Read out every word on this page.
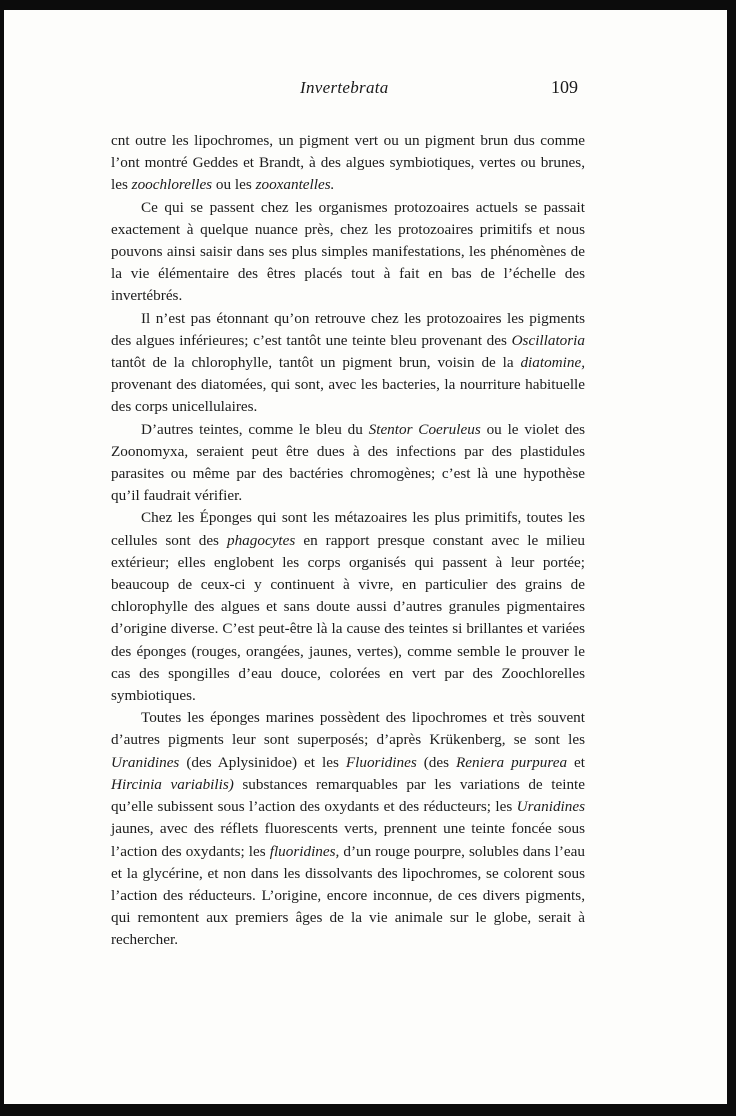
Invertebrata	109

cnt outre les lipochromes, un pigment vert ou un pigment brun dus comme l’ont montré Geddes et Brandt, à des algues symbiotiques, vertes ou brunes, les zoochlorelles ou les zooxantelles.

Ce qui se passent chez les organismes protozoaires actuels se passait exactement à quelque nuance près, chez les protozoaires primitifs et nous pouvons ainsi saisir dans ses plus simples manifestations, les phénomènes de la vie élémentaire des êtres placés tout à fait en bas de l’échelle des invertébrés.

Il n’est pas étonnant qu’on retrouve chez les protozoaires les pigments des algues inférieures; c’est tantôt une teinte bleu provenant des Oscillatoria tantôt de la chlorophylle, tantôt un pigment brun, voisin de la diatomine, provenant des diatomées, qui sont, avec les bacteries, la nourriture habituelle des corps unicellulaires.

D’autres teintes, comme le bleu du Stentor Coeruleus ou le violet des Zoonomyxa, seraient peut être dues à des infections par des plastidules parasites ou même par des bactéries chromogènes; c’est là une hypothèse qu’il faudrait vérifier.

Chez les Éponges qui sont les métazoaires les plus primitifs, toutes les cellules sont des phagocytes en rapport presque constant avec le milieu extérieur; elles englobent les corps organisés qui passent à leur portée; beaucoup de ceux-ci y continuent à vivre, en particulier des grains de chlorophylle des algues et sans doute aussi d’autres granules pigmentaires d’origine diverse. C’est peut-être là la cause des teintes si brillantes et variées des éponges (rouges, orangées, jaunes, vertes), comme semble le prouver le cas des spongilles d’eau douce, colorées en vert par des Zoochlorelles symbiotiques.

Toutes les éponges marines possèdent des lipochromes et très souvent d’autres pigments leur sont superposés; d’après Krükenberg, se sont les Uranidines (des Aplysinidoe) et les Fluoridines (des Reniera purpurea et Hircinia variabilis) substances remarquables par les variations de teinte qu’elle subissent sous l’action des oxydants et des réducteurs; les Uranidines jaunes, avec des réflets fluorescents verts, prennent une teinte foncée sous l’action des oxydants; les fluoridines, d’un rouge pourpre, solubles dans l’eau et la glycérine, et non dans les dissolvants des lipochromes, se colorent sous l’action des réducteurs. L’origine, encore inconnue, de ces divers pigments, qui remontent aux premiers âges de la vie animale sur le globe, serait à rechercher.
